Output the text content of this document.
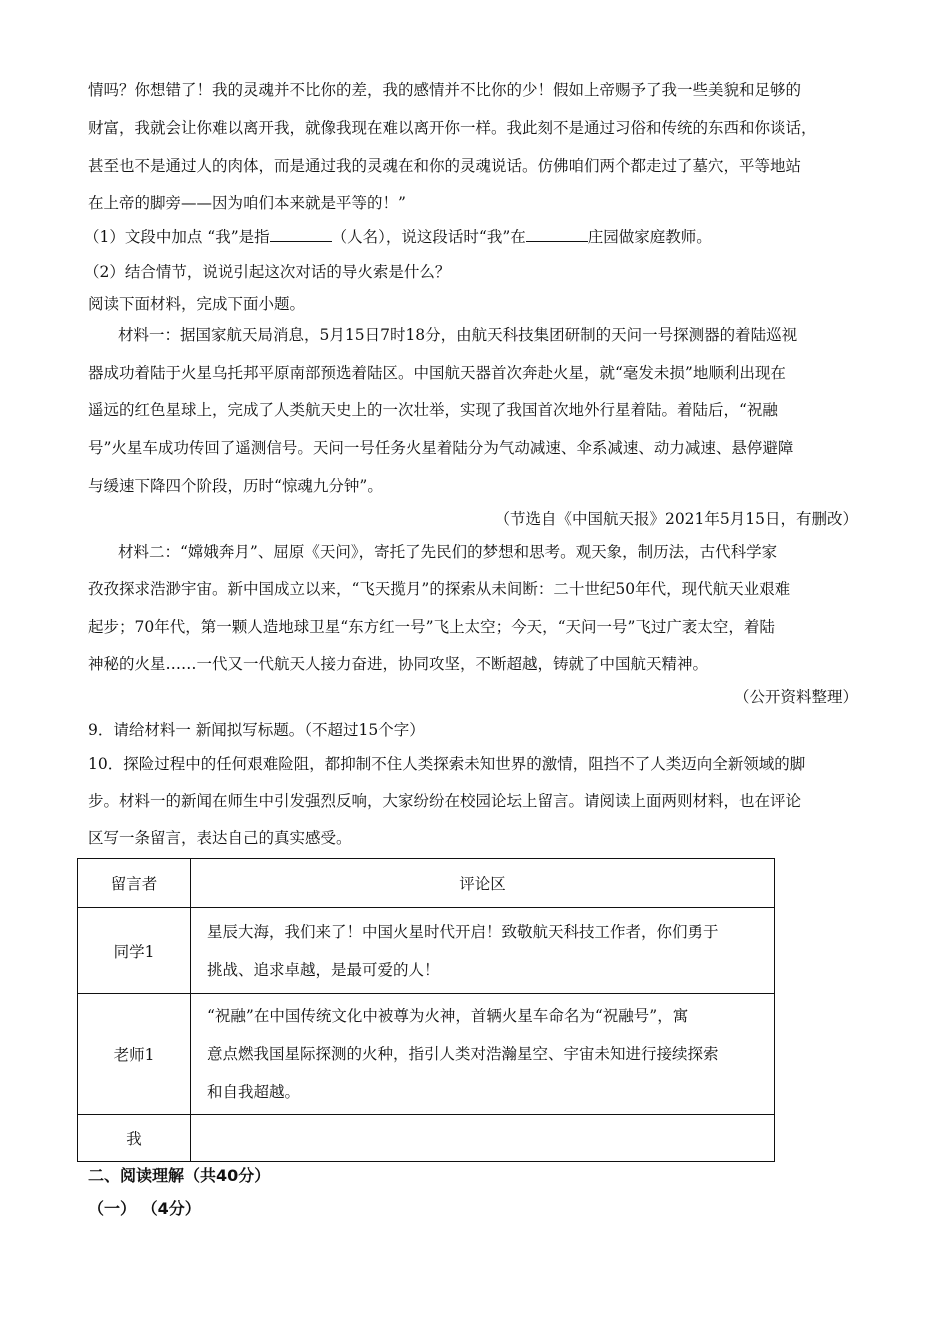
情吗？你想错了！我的灵魂并不比你的差，我的感情并不比你的少！假如上帝赐予了我一些美貌和足够的
财富，我就会让你难以离开我，就像我现在难以离开你一样。我此刻不是通过习俗和传统的东西和你谈话，
甚至也不是通过人的肉体，而是通过我的灵魂在和你的灵魂说话。仿佛咱们两个都走过了墓穴，平等地站
在上帝的脚旁——因为咱们本来就是平等的！”
（1）文段中加点 “我”是指	（人名），说这段话时“我”在	庄园做家庭教师。
（2）结合情节，说说引起这次对话的导火索是什么？
阅读下面材料，完成下面小题。
材料一：据国家航天局消息，5月15日7时18分，由航天科技集团研制的天问一号探测器的着陆巡视
器成功着陆于火星乌托邦平原南部预选着陆区。中国航天器首次奔赴火星，就“毫发未损”地顺利出现在
遥远的红色星球上，完成了人类航天史上的一次壮举，实现了我国首次地外行星着陆。着陆后，“祝融
号”火星车成功传回了遥测信号。天问一号任务火星着陆分为气动减速、伞系减速、动力减速、悬停避障
与缓速下降四个阶段，历时“惊魂九分钟”。
（节选自《中国航天报》2021年5月15日，有删改）
材料二：“嫦娥奔月”、屈原《天问》，寄托了先民们的梦想和思考。观天象，制历法，古代科学家
孜孜探求浩渺宇宙。新中国成立以来，“飞天揽月”的探索从未间断：二十世纪50年代，现代航天业艰难
起步；70年代，第一颗人造地球卫星“东方红一号”飞上太空；今天，“天问一号”飞过广袤太空，着陆
神秘的火星……一代又一代航天人接力奋进，协同攻坚，不断超越，铸就了中国航天精神。
（公开资料整理）
9．请给材料一 新闻拟写标题。（不超过15个字）
10．探险过程中的任何艰难险阻，都抑制不住人类探索未知世界的激情，阻挡不了人类迈向全新领域的脚
步。材料一的新闻在师生中引发强烈反响，大家纷纷在校园论坛上留言。请阅读上面两则材料，也在评论
区写一条留言，表达自己的真实感受。
留言者	评论区
同学1	星辰大海，我们来了！中国火星时代开启！致敬航天科技工作者，你们勇于
挑战、追求卓越，是最可爱的人！

老师1	“祝融”在中国传统文化中被尊为火神，首辆火星车命名为“祝融号”，寓
意点燃我国星际探测的火种，指引人类对浩瀚星空、宇宙未知进行接续探索
和自我超越。

我	
二、阅读理解（共40分）
（一） （4分）
